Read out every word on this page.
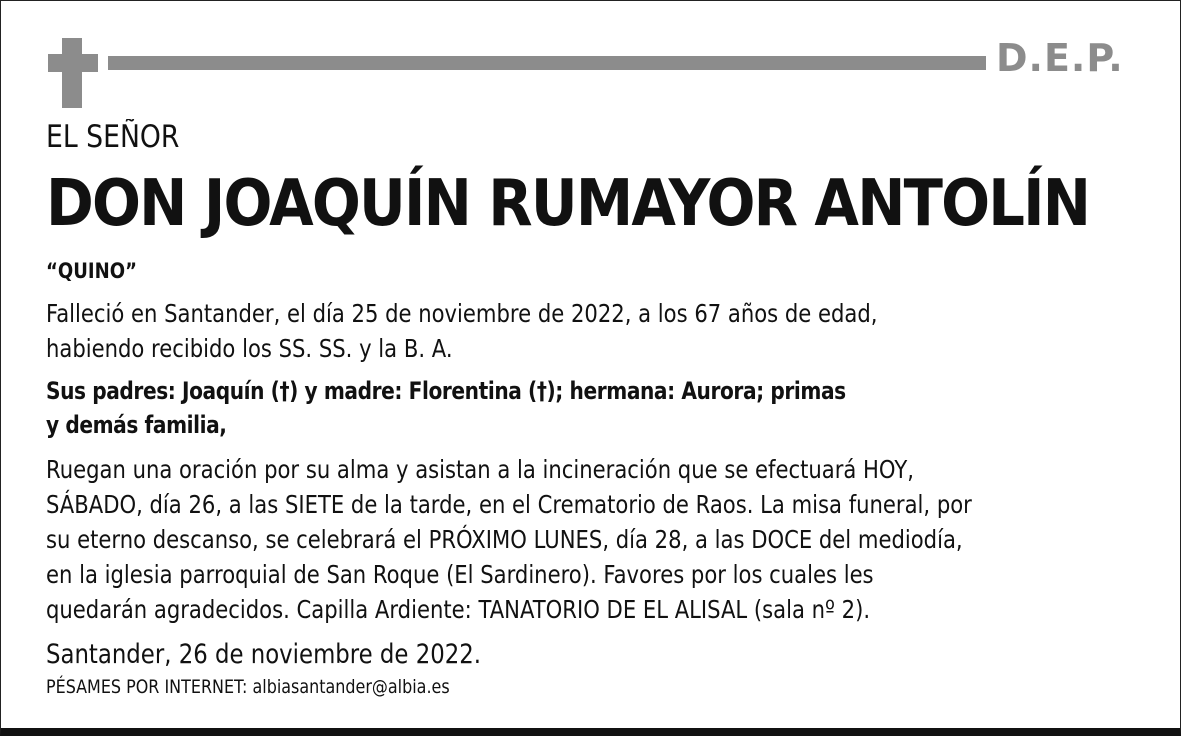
D.E.P.
EL SEÑOR
DON JOAQUÍN RUMAYOR ANTOLÍN
“QUINO”
Falleció en Santander, el día 25 de noviembre de 2022, a los 67 años de edad,
habiendo recibido los SS. SS. y la B. A.
Sus padres: Joaquín (†) y madre: Florentina (†); hermana: Aurora; primas
y demás familia,
Ruegan una oración por su alma y asistan a la incineración que se efectuará HOY,
SÁBADO, día 26, a las SIETE de la tarde, en el Crematorio de Raos. La misa funeral, por
su eterno descanso, se celebrará el PRÓXIMO LUNES, día 28, a las DOCE del mediodía,
en la iglesia parroquial de San Roque (El Sardinero). Favores por los cuales les
quedarán agradecidos. Capilla Ardiente: TANATORIO DE EL ALISAL (sala nº 2).
Santander, 26 de noviembre de 2022.
PÉSAMES POR INTERNET: albiasantander@albia.es
